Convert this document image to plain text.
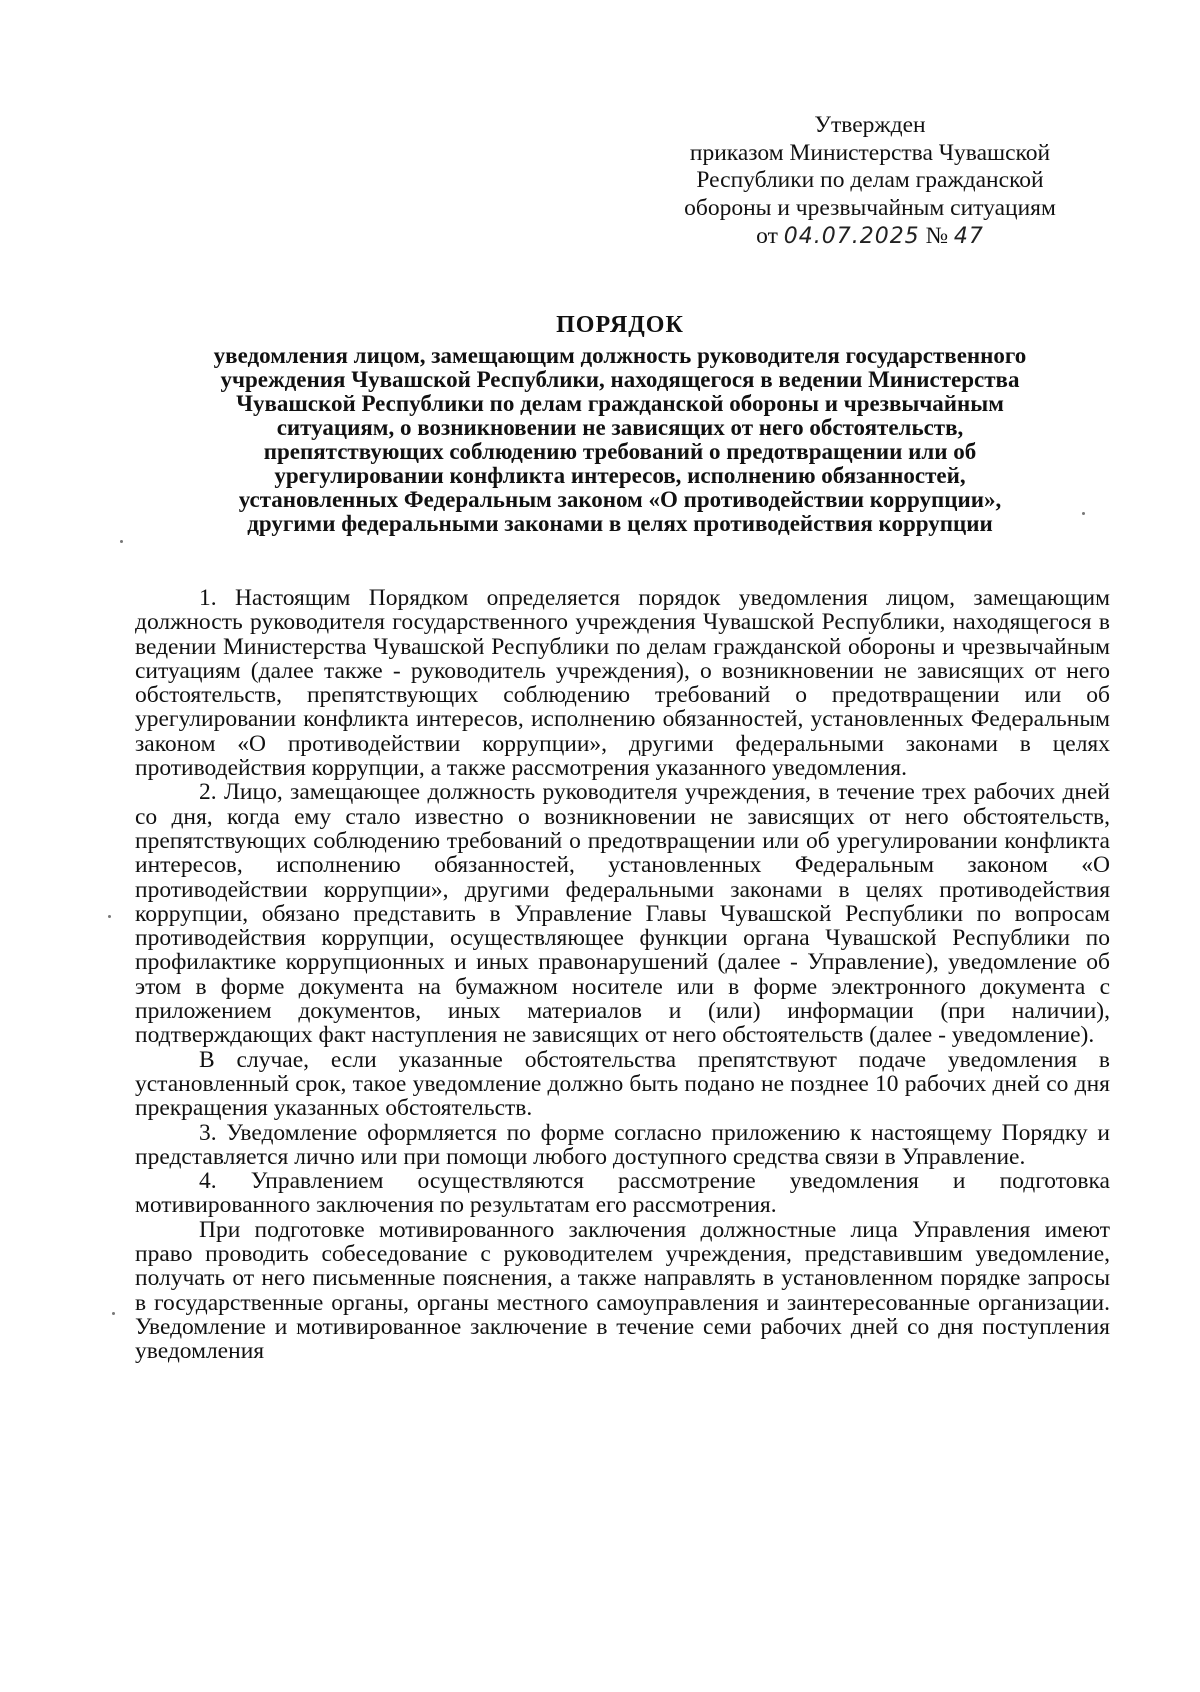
Утвержден
приказом Министерства Чувашской
Республики по делам гражданской
обороны и чрезвычайным ситуациям
от 04.07.2025 № 47
ПОРЯДОК
уведомления лицом, замещающим должность руководителя государственного
учреждения Чувашской Республики, находящегося в ведении Министерства
Чувашской Республики по делам гражданской обороны и чрезвычайным
ситуациям, о возникновении не зависящих от него обстоятельств,
препятствующих соблюдению требований о предотвращении или об
урегулировании конфликта интересов, исполнению обязанностей,
установленных Федеральным законом «О противодействии коррупции»,
другими федеральными законами в целях противодействия коррупции

1. Настоящим Порядком определяется порядок уведомления лицом, замещающим должность руководителя государственного учреждения Чувашской Республики, находящегося в ведении Министерства Чувашской Республики по делам гражданской обороны и чрезвычайным ситуациям (далее также - руководитель учреждения), о возникновении не зависящих от него обстоятельств, препятствующих соблюдению требований о предотвращении или об урегулировании конфликта интересов, исполнению обязанностей, установленных Федеральным законом «О противодействии коррупции», другими федеральными законами в целях противодействия коррупции, а также рассмотрения указанного уведомления.

2. Лицо, замещающее должность руководителя учреждения, в течение трех рабочих дней со дня, когда ему стало известно о возникновении не зависящих от него обстоятельств, препятствующих соблюдению требований о предотвращении или об урегулировании конфликта интересов, исполнению обязанностей, установленных Федеральным законом «О противодействии коррупции», другими федеральными законами в целях противодействия коррупции, обязано представить в Управление Главы Чувашской Республики по вопросам противодействия коррупции, осуществляющее функции органа Чувашской Республики по профилактике коррупционных и иных правонарушений (далее - Управление), уведомление об этом в форме документа на бумажном носителе или в форме электронного документа с приложением документов, иных материалов и (или) информации (при наличии), подтверждающих факт наступления не зависящих от него обстоятельств (далее - уведомление).

В случае, если указанные обстоятельства препятствуют подаче уведомления в установленный срок, такое уведомление должно быть подано не позднее 10 рабочих дней со дня прекращения указанных обстоятельств.

3. Уведомление оформляется по форме согласно приложению к настоящему Порядку и представляется лично или при помощи любого доступного средства связи в Управление.

4. Управлением осуществляются рассмотрение уведомления и подготовка мотивированного заключения по результатам его рассмотрения.

При подготовке мотивированного заключения должностные лица Управления имеют право проводить собеседование с руководителем учреждения, представившим уведомление, получать от него письменные пояснения, а также направлять в установленном порядке запросы в государственные органы, органы местного самоуправления и заинтересованные организации. Уведомление и мотивированное заключение в течение семи рабочих дней со дня поступления уведомления
